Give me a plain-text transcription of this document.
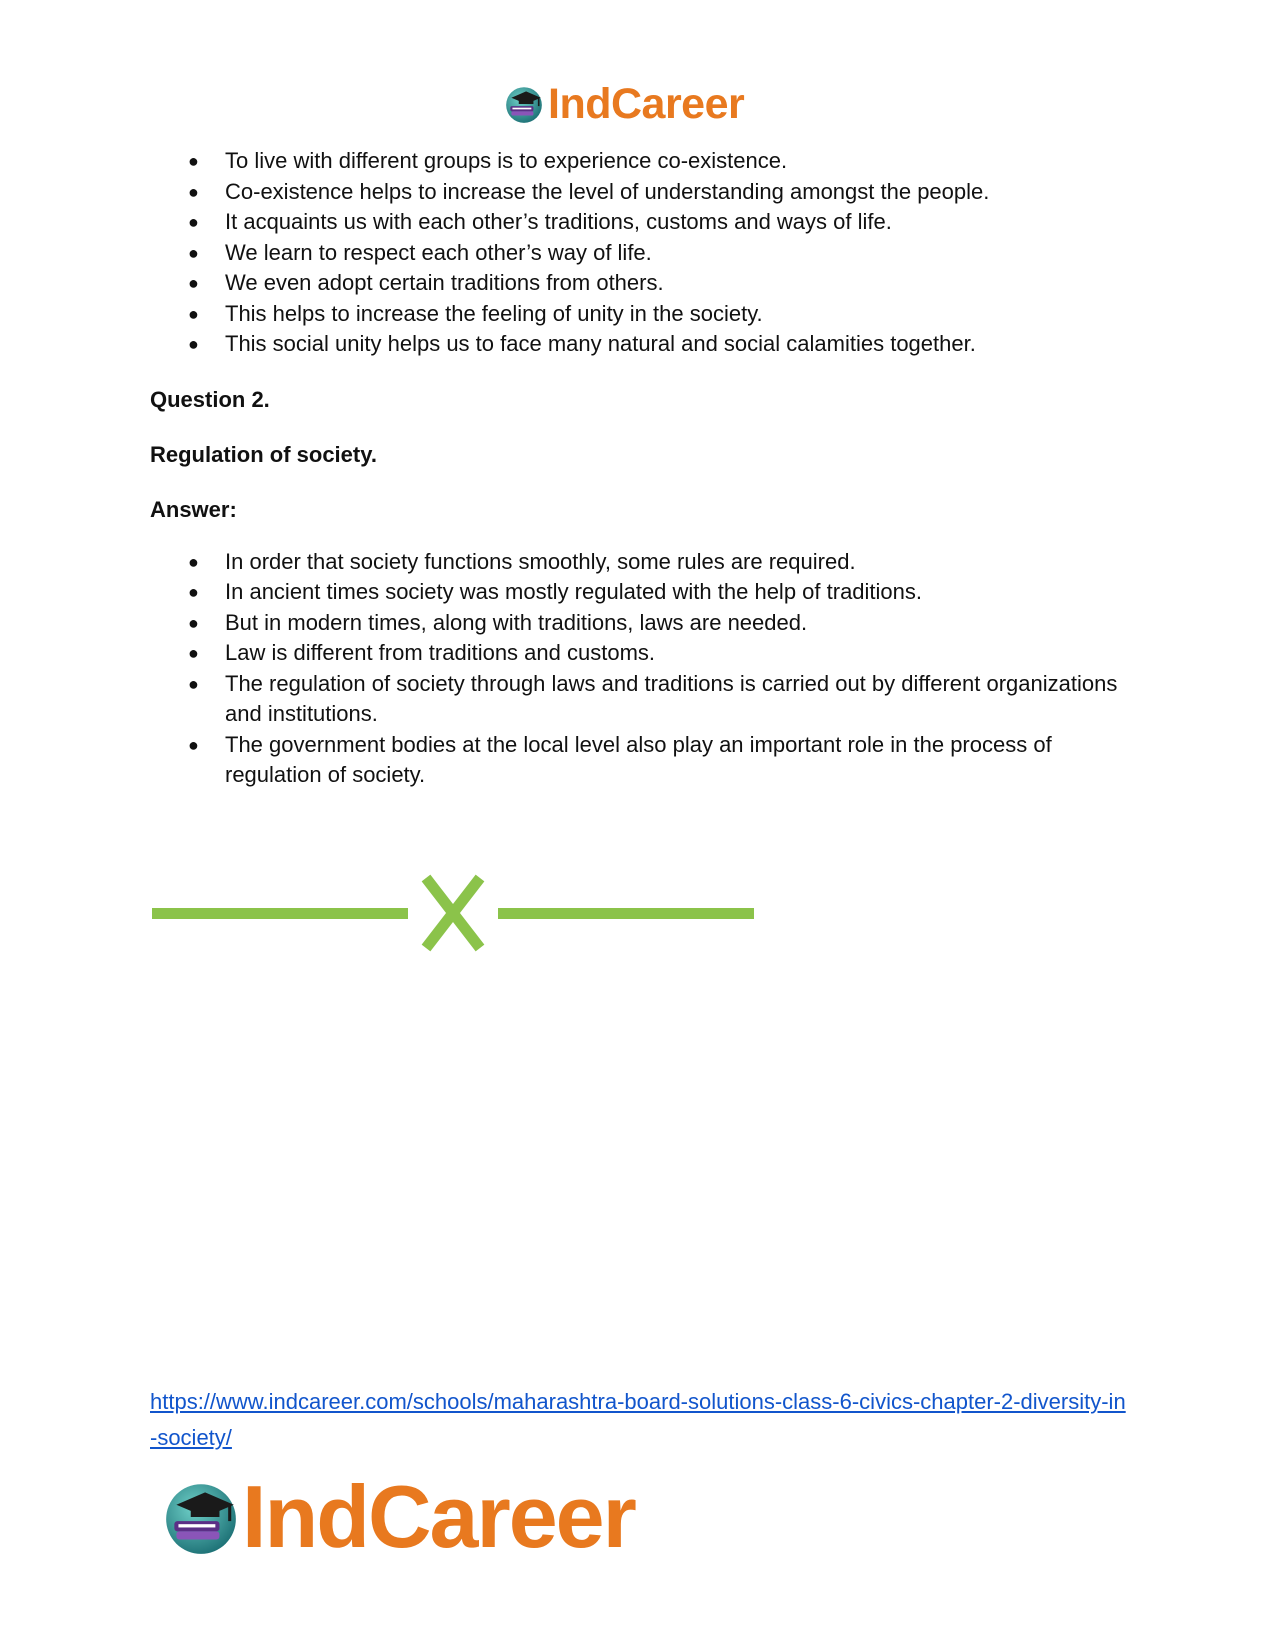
IndCareer
● To live with different groups is to experience co-existence.
● Co-existence helps to increase the level of understanding amongst the people.
● It acquaints us with each other’s traditions, customs and ways of life.
● We learn to respect each other’s way of life.
● We even adopt certain traditions from others.
● This helps to increase the feeling of unity in the society.
● This social unity helps us to face many natural and social calamities together.

Question 2.

Regulation of society.

Answer:

● In order that society functions smoothly, some rules are required.
● In ancient times society was mostly regulated with the help of traditions.
● But in modern times, along with traditions, laws are needed.
● Law is different from traditions and customs.
● The regulation of society through laws and traditions is carried out by different organizations and institutions.
● The government bodies at the local level also play an important role in the process of regulation of society.
https://www.indcareer.com/schools/maharashtra-board-solutions-class-6-civics-chapter-2-diversity-in-society/
IndCareer
